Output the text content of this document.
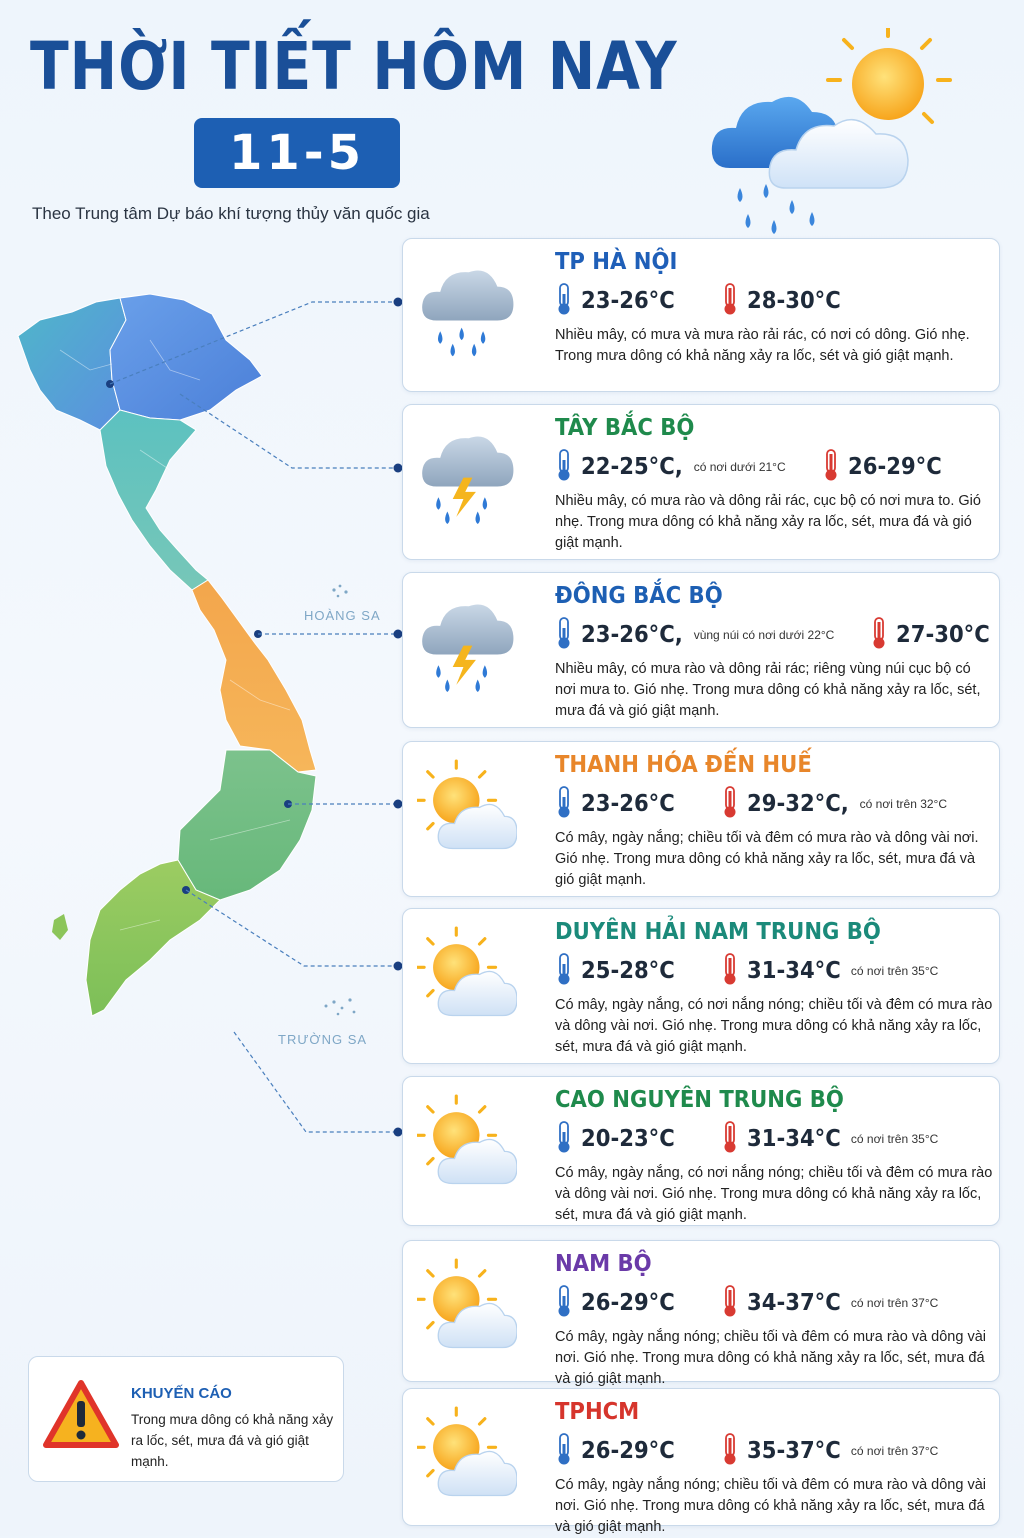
THỜI TIẾT HÔM NAY
11-5
Theo Trung tâm Dự báo khí tượng thủy văn quốc gia
HOÀNG SA
TRƯỜNG SA
TP HÀ NỘI
23-26°C	28-30°C
Nhiều mây, có mưa và mưa rào rải rác, có nơi có dông. Gió nhẹ. Trong mưa dông có khả năng xảy ra lốc, sét và gió giật mạnh.
TÂY BẮC BỘ
22-25°C, có nơi dưới 21°C	26-29°C
Nhiều mây, có mưa rào và dông rải rác, cục bộ có nơi mưa to. Gió nhẹ. Trong mưa dông có khả năng xảy ra lốc, sét, mưa đá và gió giật mạnh.
ĐÔNG BẮC BỘ
23-26°C, vùng núi có nơi dưới 22°C	27-30°C
Nhiều mây, có mưa rào và dông rải rác; riêng vùng núi cục bộ có nơi mưa to. Gió nhẹ. Trong mưa dông có khả năng xảy ra lốc, sét, mưa đá và gió giật mạnh.
THANH HÓA ĐẾN HUẾ
23-26°C	29-32°C, có nơi trên 32°C
Có mây, ngày nắng; chiều tối và đêm có mưa rào và dông vài nơi. Gió nhẹ. Trong mưa dông có khả năng xảy ra lốc, sét, mưa đá và gió giật mạnh.
DUYÊN HẢI NAM TRUNG BỘ
25-28°C	31-34°C có nơi trên 35°C
Có mây, ngày nắng, có nơi nắng nóng; chiều tối và đêm có mưa rào và dông vài nơi. Gió nhẹ. Trong mưa dông có khả năng xảy ra lốc, sét, mưa đá và gió giật mạnh.
CAO NGUYÊN TRUNG BỘ
20-23°C	31-34°C có nơi trên 35°C
Có mây, ngày nắng, có nơi nắng nóng; chiều tối và đêm có mưa rào và dông vài nơi. Gió nhẹ. Trong mưa dông có khả năng xảy ra lốc, sét, mưa đá và gió giật mạnh.
NAM BỘ
26-29°C	34-37°C có nơi trên 37°C
Có mây, ngày nắng nóng; chiều tối và đêm có mưa rào và dông vài nơi. Gió nhẹ. Trong mưa dông có khả năng xảy ra lốc, sét, mưa đá và gió giật mạnh.
TPHCM
26-29°C	35-37°C có nơi trên 37°C
Có mây, ngày nắng nóng; chiều tối và đêm có mưa rào và dông vài nơi. Gió nhẹ. Trong mưa dông có khả năng xảy ra lốc, sét, mưa đá và gió giật mạnh.
KHUYẾN CÁO
Trong mưa dông có khả năng xảy ra lốc, sét, mưa đá và gió giật mạnh.
